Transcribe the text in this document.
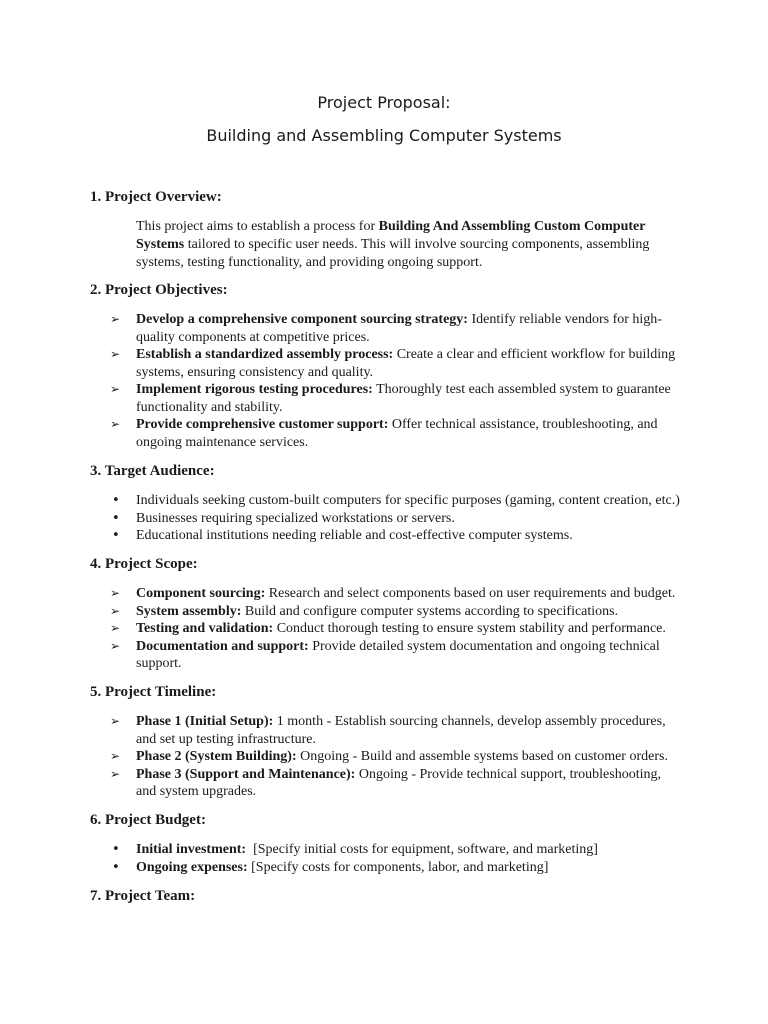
Project Proposal:
Building and Assembling Computer Systems
1. Project Overview:
This project aims to establish a process for Building And Assembling Custom Computer Systems tailored to specific user needs. This will involve sourcing components, assembling systems, testing functionality, and providing ongoing support.
2. Project Objectives:
➢	Develop a comprehensive component sourcing strategy: Identify reliable vendors for high-quality components at competitive prices.
➢	Establish a standardized assembly process: Create a clear and efficient workflow for building systems, ensuring consistency and quality.
➢	Implement rigorous testing procedures: Thoroughly test each assembled system to guarantee functionality and stability.
➢	Provide comprehensive customer support: Offer technical assistance, troubleshooting, and ongoing maintenance services.
3. Target Audience:
•	Individuals seeking custom-built computers for specific purposes (gaming, content creation, etc.)
•	Businesses requiring specialized workstations or servers.
•	Educational institutions needing reliable and cost-effective computer systems.
4. Project Scope:
➢	Component sourcing: Research and select components based on user requirements and budget.
➢	System assembly: Build and configure computer systems according to specifications.
➢	Testing and validation: Conduct thorough testing to ensure system stability and performance.
➢	Documentation and support: Provide detailed system documentation and ongoing technical support.
5. Project Timeline:
➢	Phase 1 (Initial Setup): 1 month - Establish sourcing channels, develop assembly procedures, and set up testing infrastructure.
➢	Phase 2 (System Building): Ongoing - Build and assemble systems based on customer orders.
➢	Phase 3 (Support and Maintenance): Ongoing - Provide technical support, troubleshooting, and system upgrades.
6. Project Budget:
•	Initial investment:  [Specify initial costs for equipment, software, and marketing]
•	Ongoing expenses: [Specify costs for components, labor, and marketing]
7. Project Team:
